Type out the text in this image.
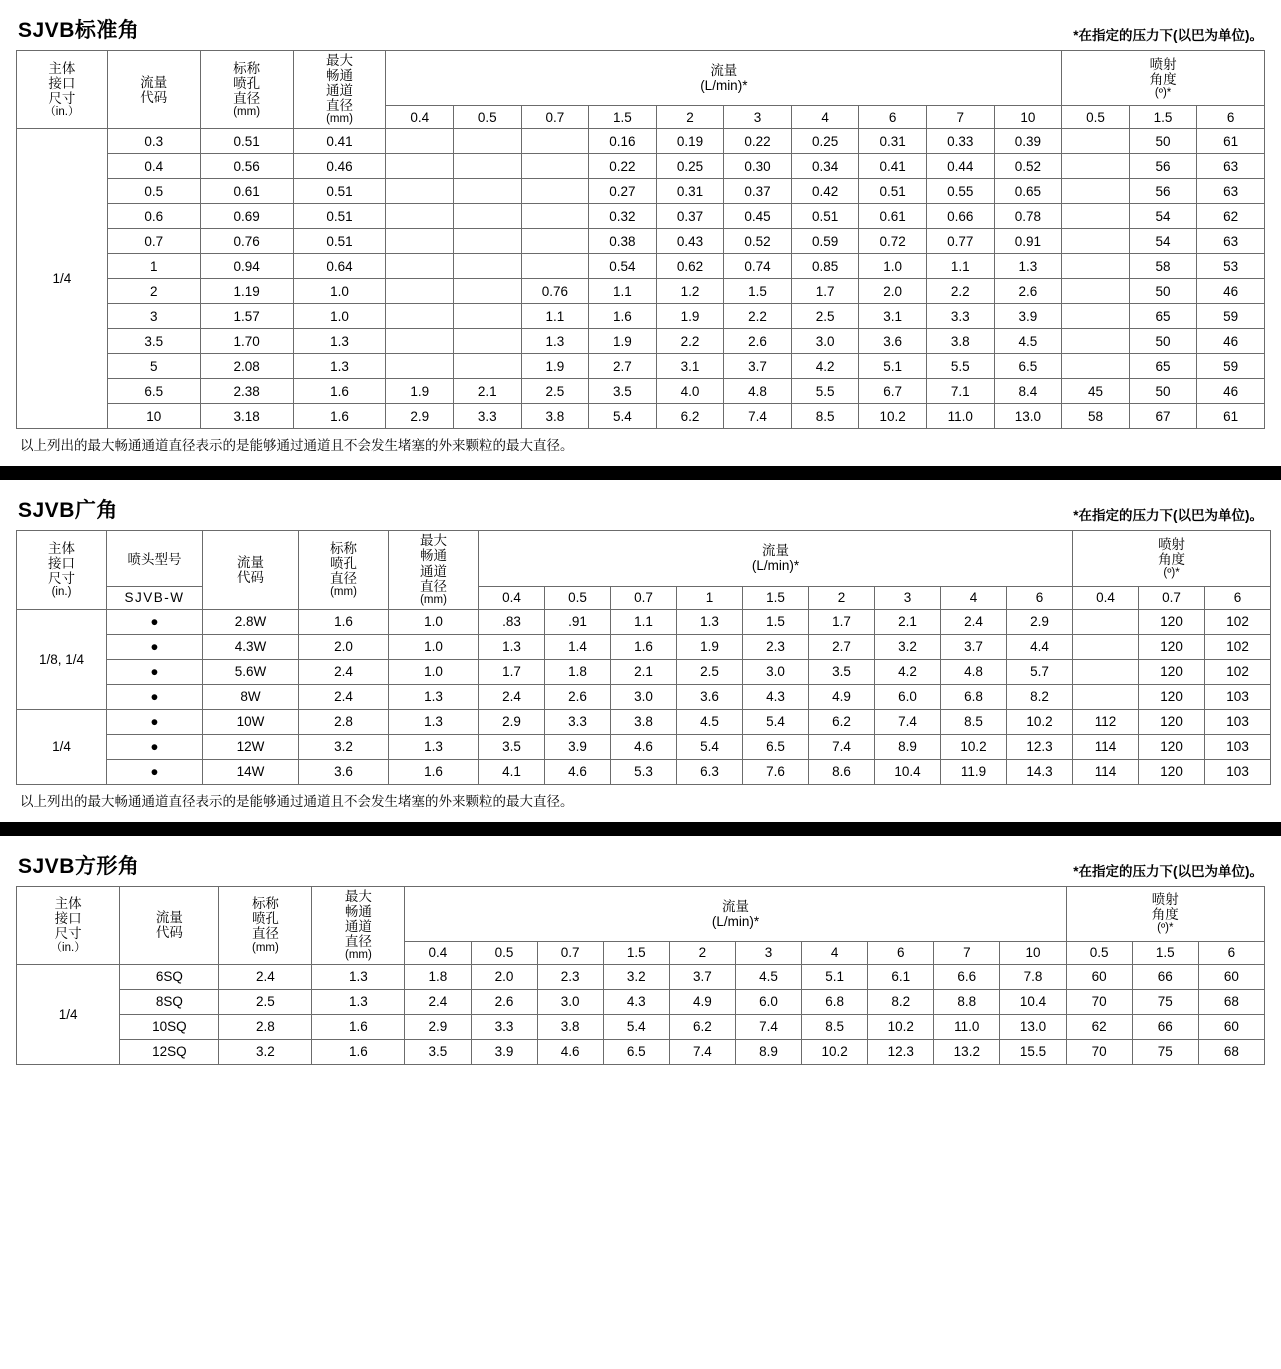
SJVB标准角	*在指定的压力下(以巴为单位)。
主体
接口
尺寸
（in.）

流量
代码

标称
喷孔
直径
(mm)

最大
畅通
通道
直径
(mm)

流量
(L/min)*

喷射
角度
(º)*

				0.4	0.5	0.7	1.5	2	3	4	6	7	10	0.5	1.5	6
1/4	0.3	0.51	0.41				0.16	0.19	0.22	0.25	0.31	0.33	0.39		50	61
	0.4	0.56	0.46				0.22	0.25	0.30	0.34	0.41	0.44	0.52		56	63
	0.5	0.61	0.51				0.27	0.31	0.37	0.42	0.51	0.55	0.65		56	63
	0.6	0.69	0.51				0.32	0.37	0.45	0.51	0.61	0.66	0.78		54	62
	0.7	0.76	0.51				0.38	0.43	0.52	0.59	0.72	0.77	0.91		54	63
	1	0.94	0.64				0.54	0.62	0.74	0.85	1.0	1.1	1.3		58	53
	2	1.19	1.0			0.76	1.1	1.2	1.5	1.7	2.0	2.2	2.6		50	46
	3	1.57	1.0			1.1	1.6	1.9	2.2	2.5	3.1	3.3	3.9		65	59
	3.5	1.70	1.3			1.3	1.9	2.2	2.6	3.0	3.6	3.8	4.5		50	46
	5	2.08	1.3			1.9	2.7	3.1	3.7	4.2	5.1	5.5	6.5		65	59
	6.5	2.38	1.6	1.9	2.1	2.5	3.5	4.0	4.8	5.5	6.7	7.1	8.4	45	50	46
	10	3.18	1.6	2.9	3.3	3.8	5.4	6.2	7.4	8.5	10.2	11.0	13.0	58	67	61
以上列出的最大畅通通道直径表示的是能够通过通道且不会发生堵塞的外来颗粒的最大直径。
SJVB广角	*在指定的压力下(以巴为单位)。
主体
接口
尺寸
(in.)
	喷头型号	流量
代码

标称
喷孔
直径
(mm)

最大
畅通
通道
直径
(mm)

流量
(L/min)*

喷射
角度
(º)*

	SJVB-W				0.4	0.5	0.7	1	1.5	2	3	4	6	0.4	0.7	6
1/8, 1/4	●	2.8W	1.6	1.0	.83	.91	1.1	1.3	1.5	1.7	2.1	2.4	2.9		120	102
	●	4.3W	2.0	1.0	1.3	1.4	1.6	1.9	2.3	2.7	3.2	3.7	4.4		120	102
	●	5.6W	2.4	1.0	1.7	1.8	2.1	2.5	3.0	3.5	4.2	4.8	5.7		120	102
	●	8W	2.4	1.3	2.4	2.6	3.0	3.6	4.3	4.9	6.0	6.8	8.2		120	103
1/4	●	10W	2.8	1.3	2.9	3.3	3.8	4.5	5.4	6.2	7.4	8.5	10.2	112	120	103
	●	12W	3.2	1.3	3.5	3.9	4.6	5.4	6.5	7.4	8.9	10.2	12.3	114	120	103
	●	14W	3.6	1.6	4.1	4.6	5.3	6.3	7.6	8.6	10.4	11.9	14.3	114	120	103
以上列出的最大畅通通道直径表示的是能够通过通道且不会发生堵塞的外来颗粒的最大直径。
SJVB方形角	*在指定的压力下(以巴为单位)。
主体
接口
尺寸
（in.）

流量
代码

标称
喷孔
直径
(mm)

最大
畅通
通道
直径
(mm)

流量
(L/min)*

喷射
角度
(º)*

				0.4	0.5	0.7	1.5	2	3	4	6	7	10	0.5	1.5	6
1/4	6SQ	2.4	1.3	1.8	2.0	2.3	3.2	3.7	4.5	5.1	6.1	6.6	7.8	60	66	60
	8SQ	2.5	1.3	2.4	2.6	3.0	4.3	4.9	6.0	6.8	8.2	8.8	10.4	70	75	68
	10SQ	2.8	1.6	2.9	3.3	3.8	5.4	6.2	7.4	8.5	10.2	11.0	13.0	62	66	60
	12SQ	3.2	1.6	3.5	3.9	4.6	6.5	7.4	8.9	10.2	12.3	13.2	15.5	70	75	68
